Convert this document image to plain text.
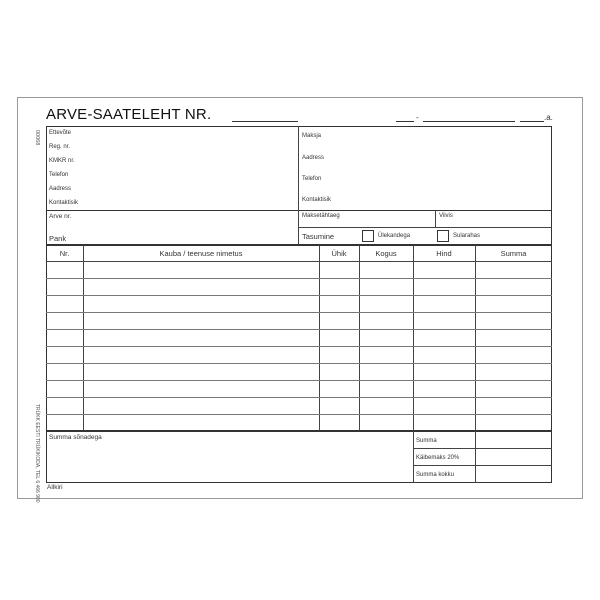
ARVE-SAATELEHT NR.	-	.a.
00068
TRÜKK EESTI TRÜKIKODA, TEL 6 466 900
Ettevõte
Reg. nr.
KMKR nr.
Telefon
Aadress
Kontaktisik
Maksja
Aadress
Telefon
Kontaktisik
Arve nr.
Pank
Maksetähtaeg	Viivis
Tasumine	Ülekandega	Sularahas
Nr.	Kauba / teenuse nimetus	Ühik	Kogus	Hind	Summa
Summa sõnadega	Summa
Käibemaks 20%
Summa kokku
Allkiri
